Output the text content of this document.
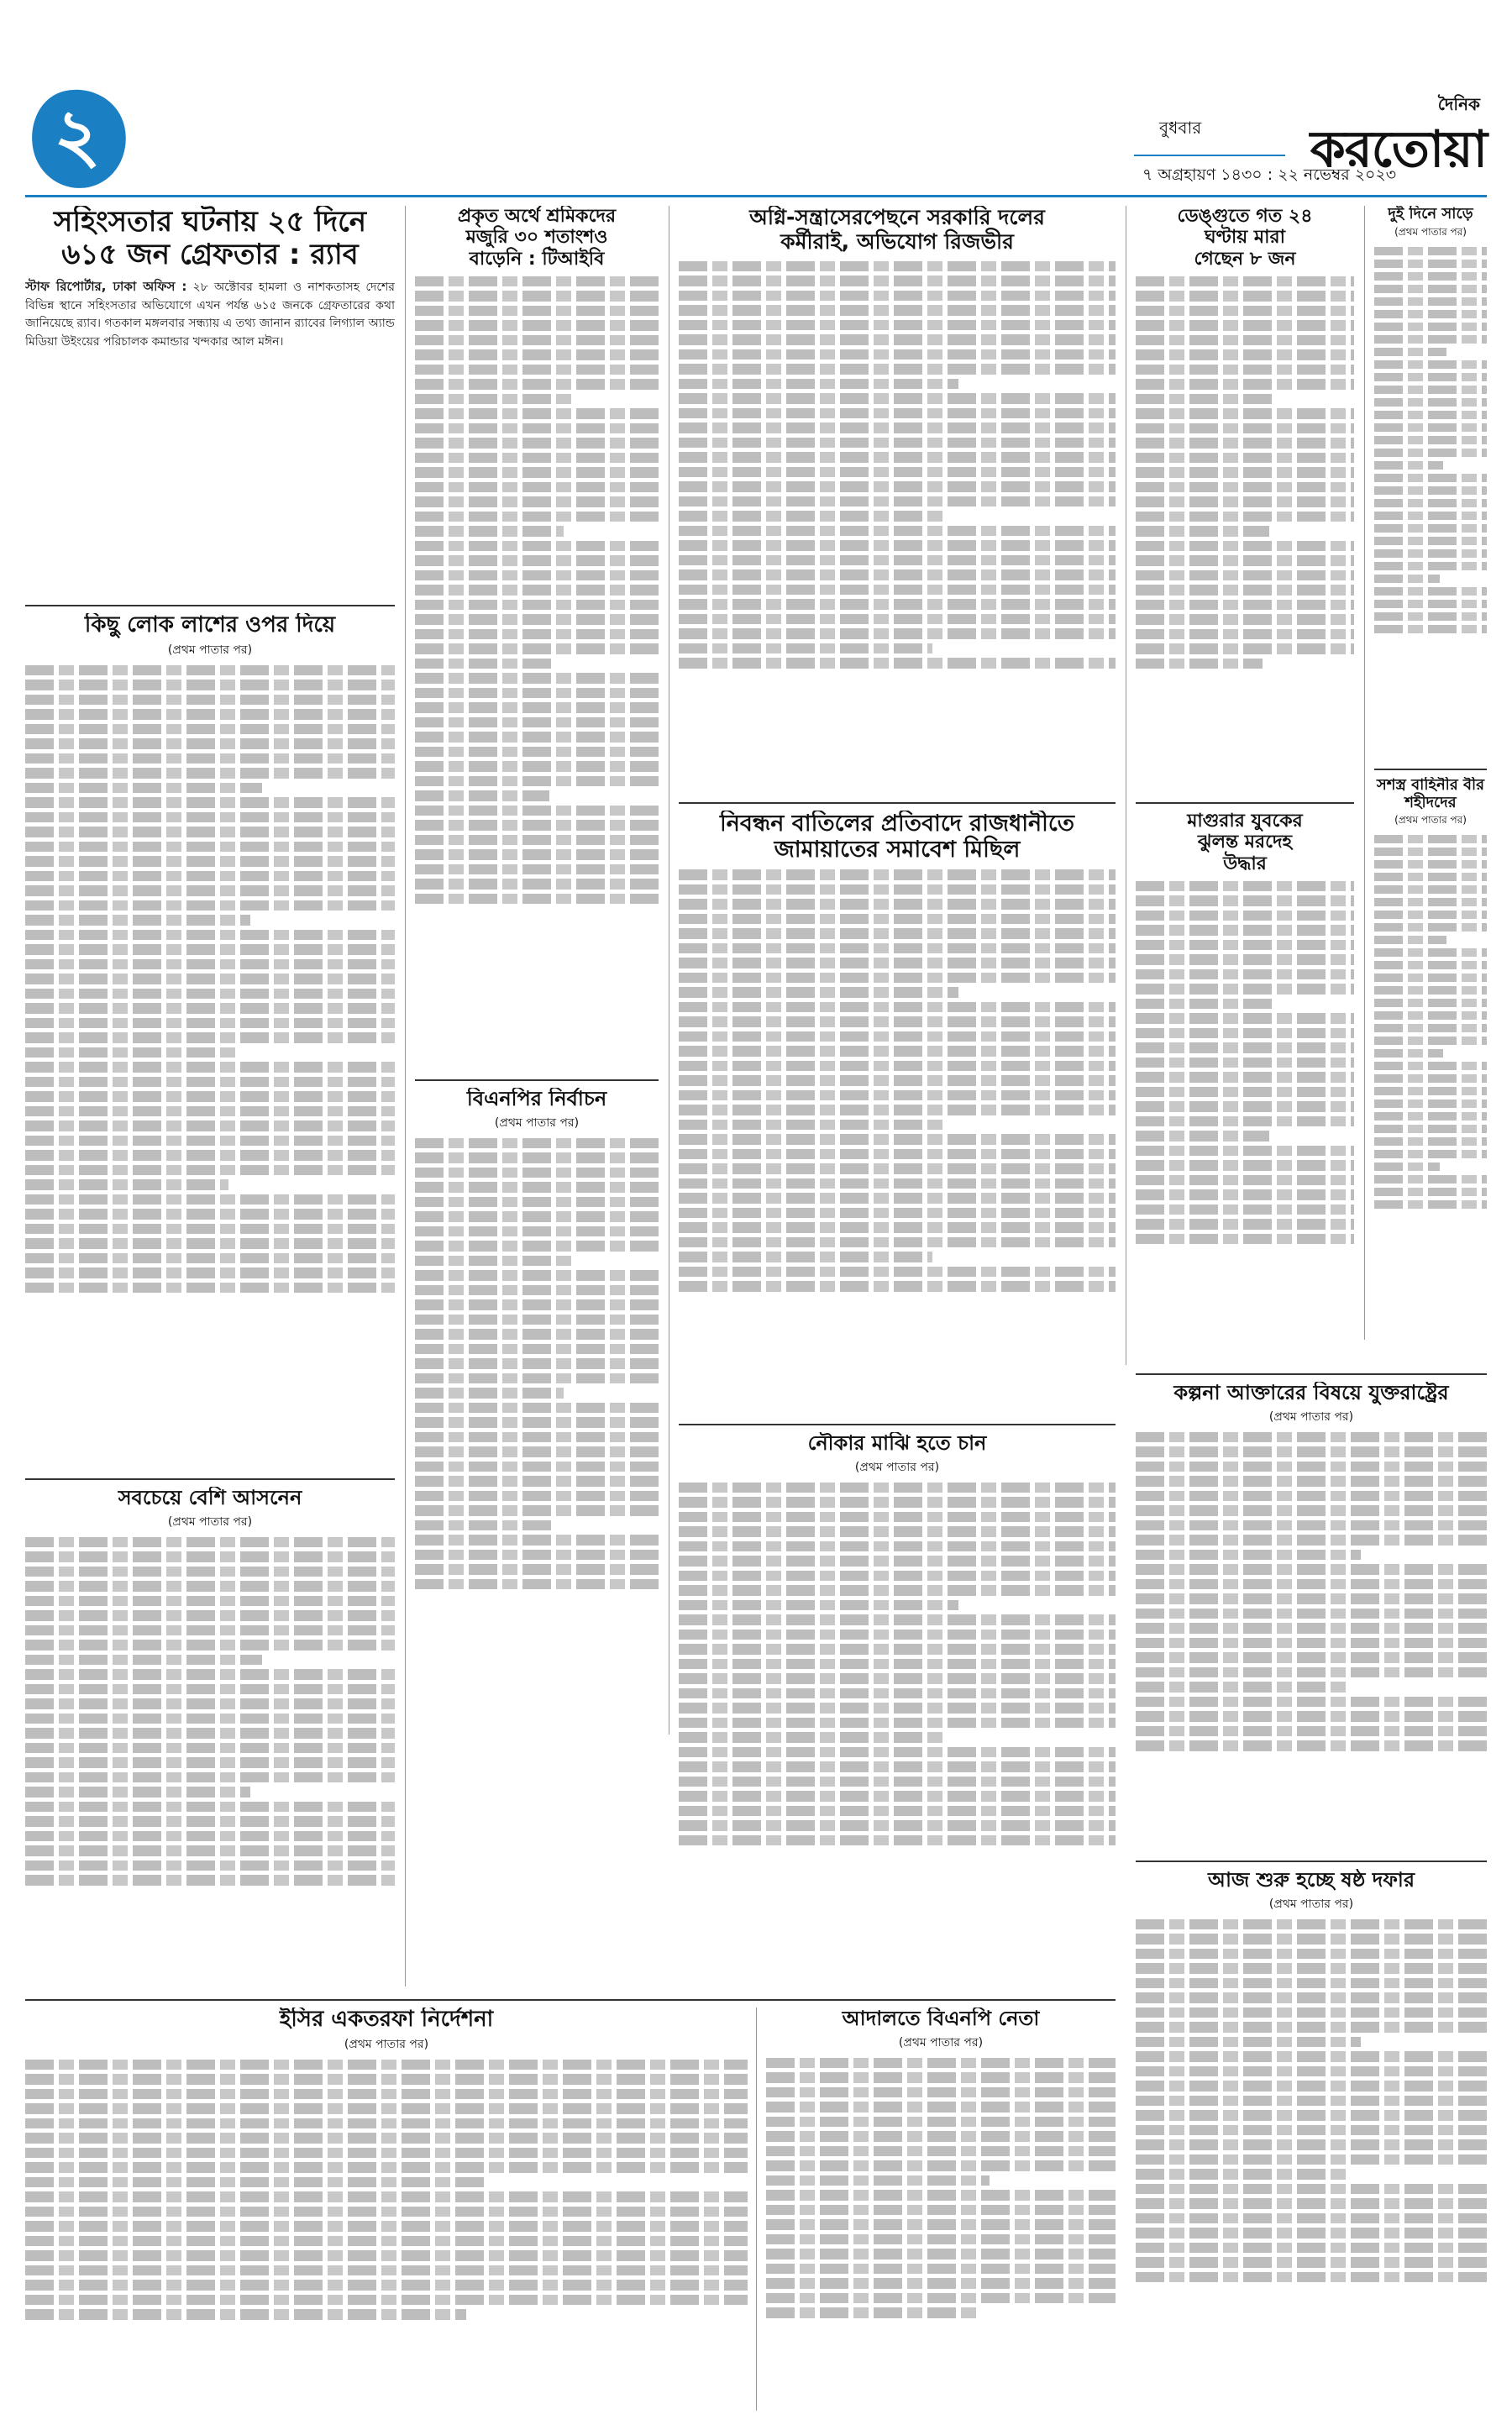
২	বুধবার
৭ অগ্রহায়ণ ১৪৩০ : ২২ নভেম্বর ২০২৩
দৈনিক
করতোয়া
সহিংসতার ঘটনায় ২৫ দিনে
৬১৫ জন গ্রেফতার : র‌্যাব
স্টাফ রিপোর্টার, ঢাকা অফিস : ২৮ অক্টোবর হামলা ও নাশকতাসহ দেশের বিভিন্ন স্থানে সহিংসতার অভিযোগে এখন পর্যন্ত ৬১৫ জনকে গ্রেফতারের কথা জানিয়েছে র‌্যাব। গতকাল মঙ্গলবার সন্ধ্যায় এ তথ্য জানান র‌্যাবের লিগ্যাল অ্যান্ড মিডিয়া উইংয়ের পরিচালক কমান্ডার খন্দকার আল মঈন।
কিছু লোক লাশের ওপর দিয়ে
(প্রথম পাতার পর)
সবচেয়ে বেশি আসনেন
(প্রথম পাতার পর)
প্রকৃত অর্থে শ্রমিকদের
মজুরি ৩০ শতাংশও
বাড়েনি : টিআইবি
বিএনপির নির্বাচন
(প্রথম পাতার পর)
অগ্নি-সন্ত্রাসেরপেছনে সরকারি দলের
কর্মীরাই, অভিযোগ রিজভীর
নিবন্ধন বাতিলের প্রতিবাদে রাজধানীতে
জামায়াতের সমাবেশ মিছিল
নৌকার মাঝি হতে চান
(প্রথম পাতার পর)
ডেঙ্গুতে গত ২৪
ঘণ্টায় মারা
গেছেন ৮ জন
মাগুরার যুবকের
ঝুলন্ত মরদেহ
উদ্ধার
দুই দিনে সাড়ে
(প্রথম পাতার পর)
সশস্ত্র বাহিনীর বীর শহীদদের
(প্রথম পাতার পর)
কল্পনা আক্তারের বিষয়ে যুক্তরাষ্ট্রের
(প্রথম পাতার পর)
আজ শুরু হচ্ছে ষষ্ঠ দফার
(প্রথম পাতার পর)
ইসির একতরফা নির্দেশনা
(প্রথম পাতার পর)
আদালতে বিএনপি নেতা
(প্রথম পাতার পর)
